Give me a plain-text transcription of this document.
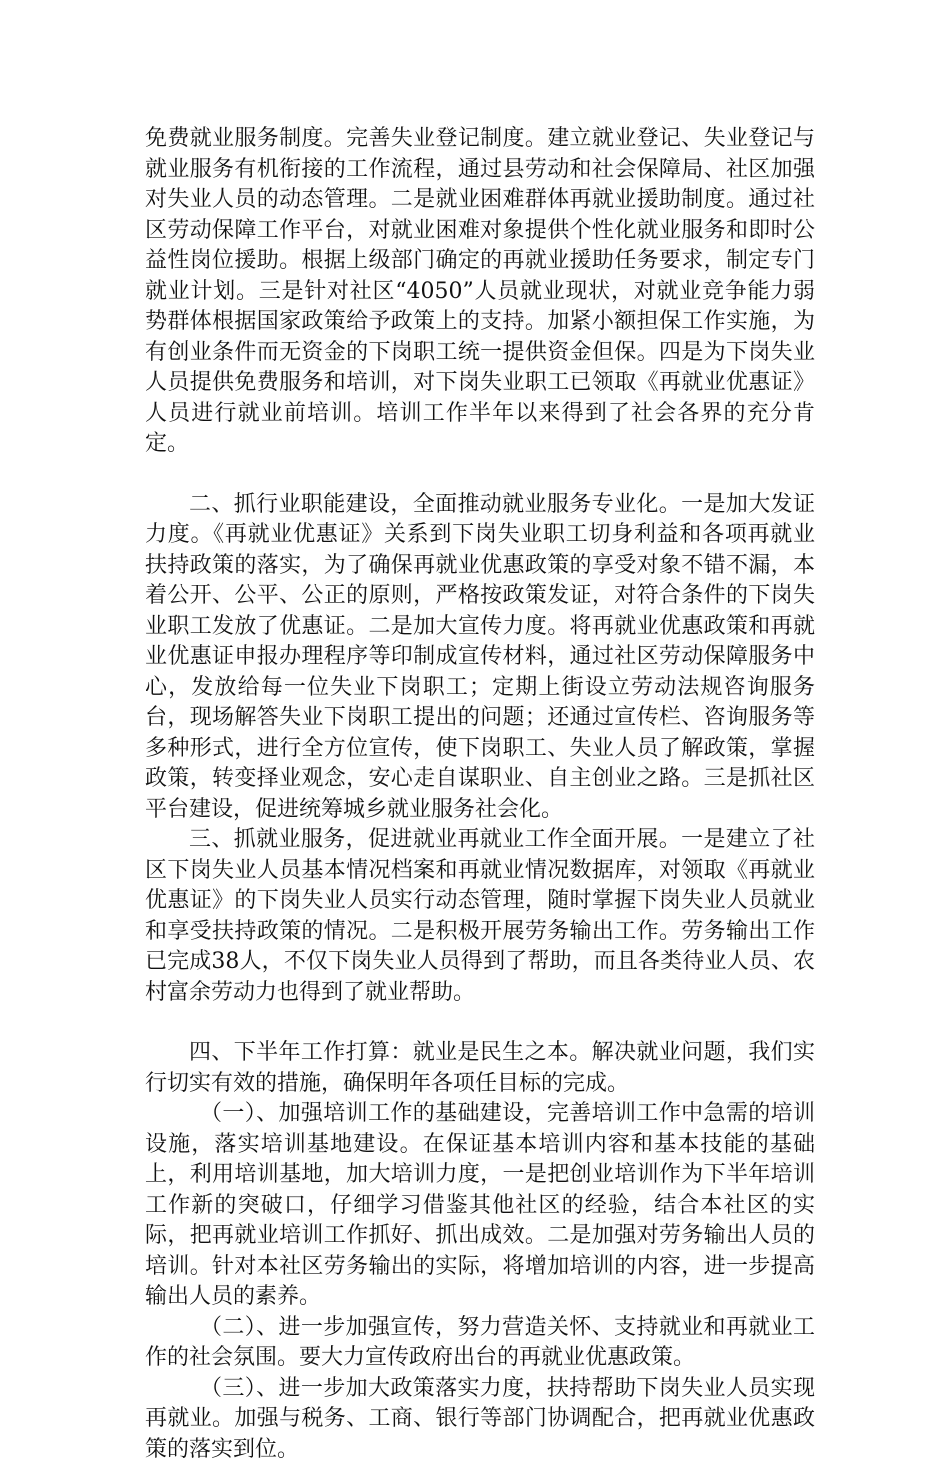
免费就业服务制度。完善失业登记制度。建立就业登记、失业登记与就业服务有机衔接的工作流程，通过县劳动和社会保障局、社区加强对失业人员的动态管理。二是就业困难群体再就业援助制度。通过社区劳动保障工作平台，对就业困难对象提供个性化就业服务和即时公益性岗位援助。根据上级部门确定的再就业援助任务要求，制定专门就业计划。三是针对社区“4050”人员就业现状，对就业竞争能力弱势群体根据国家政策给予政策上的支持。加紧小额担保工作实施，为有创业条件而无资金的下岗职工统一提供资金但保。四是为下岗失业人员提供免费服务和培训，对下岗失业职工已领取《再就业优惠证》人员进行就业前培训。培训工作半年以来得到了社会各界的充分肯定。

二、抓行业职能建设，全面推动就业服务专业化。一是加大发证力度。《再就业优惠证》关系到下岗失业职工切身利益和各项再就业扶持政策的落实，为了确保再就业优惠政策的享受对象不错不漏，本着公开、公平、公正的原则，严格按政策发证，对符合条件的下岗失业职工发放了优惠证。二是加大宣传力度。将再就业优惠政策和再就业优惠证申报办理程序等印制成宣传材料，通过社区劳动保障服务中心，发放给每一位失业下岗职工；定期上街设立劳动法规咨询服务台，现场解答失业下岗职工提出的问题；还通过宣传栏、咨询服务等多种形式，进行全方位宣传，使下岗职工、失业人员了解政策，掌握政策，转变择业观念，安心走自谋职业、自主创业之路。三是抓社区平台建设，促进统筹城乡就业服务社会化。

三、抓就业服务，促进就业再就业工作全面开展。一是建立了社区下岗失业人员基本情况档案和再就业情况数据库，对领取《再就业优惠证》的下岗失业人员实行动态管理，随时掌握下岗失业人员就业和享受扶持政策的情况。二是积极开展劳务输出工作。劳务输出工作已完成38人，不仅下岗失业人员得到了帮助，而且各类待业人员、农村富余劳动力也得到了就业帮助。

四、下半年工作打算：就业是民生之本。解决就业问题，我们实行切实有效的措施，确保明年各项任目标的完成。

（一）、加强培训工作的基础建设，完善培训工作中急需的培训设施，落实培训基地建设。在保证基本培训内容和基本技能的基础上，利用培训基地，加大培训力度，一是把创业培训作为下半年培训工作新的突破口，仔细学习借鉴其他社区的经验，结合本社区的实际，把再就业培训工作抓好、抓出成效。二是加强对劳务输出人员的培训。针对本社区劳务输出的实际，将增加培训的内容，进一步提高输出人员的素养。

（二）、进一步加强宣传，努力营造关怀、支持就业和再就业工作的社会氛围。要大力宣传政府出台的再就业优惠政策。

（三）、进一步加大政策落实力度，扶持帮助下岗失业人员实现再就业。加强与税务、工商、银行等部门协调配合，把再就业优惠政策的落实到位。
